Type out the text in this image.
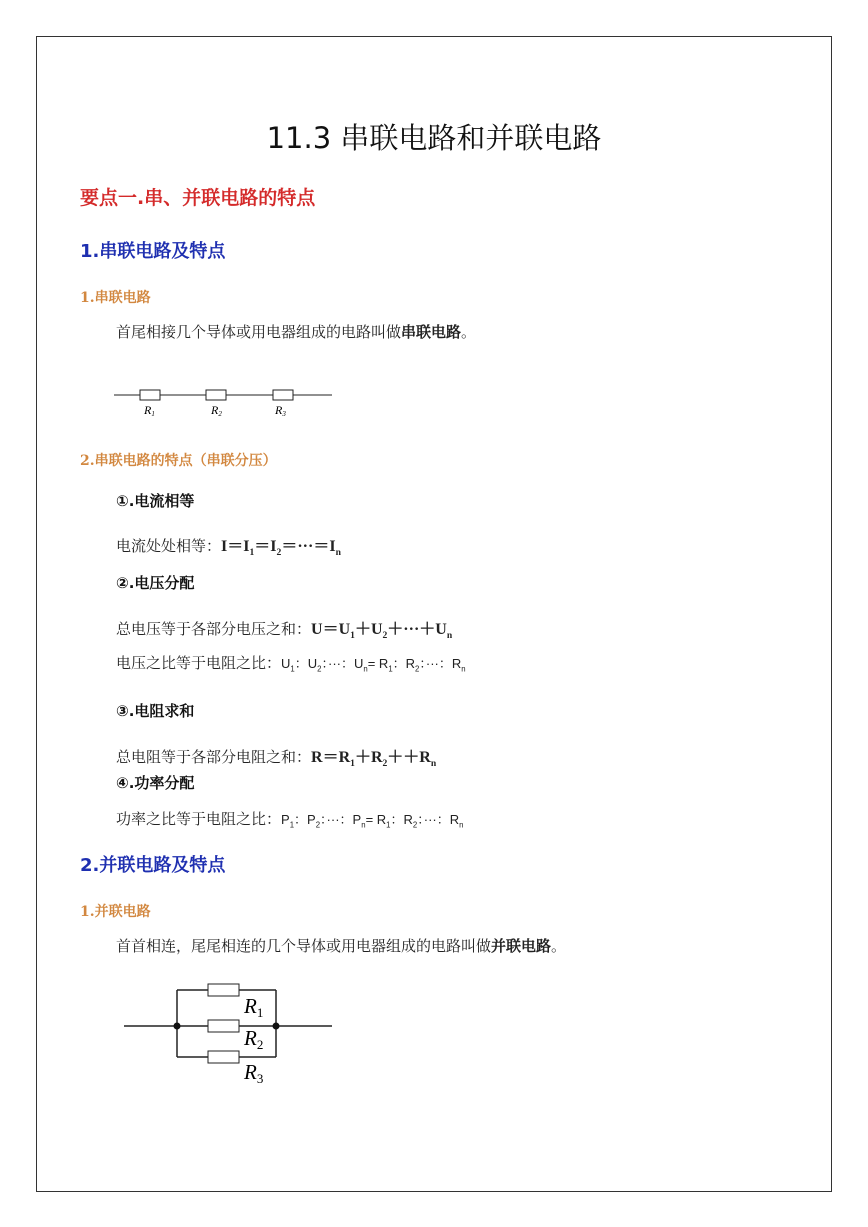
11.3 串联电路和并联电路
要点一.串、并联电路的特点
1.串联电路及特点
1.串联电路
首尾相接几个导体或用电器组成的电路叫做串联电路。
R1	R2	R3
2.串联电路的特点（串联分压）
①.电流相等
电流处处相等：$I=I_1=I_2=\cdot\cdot\cdot=I_n$
②.电压分配
总电压等于各部分电压之和：$U=U_1+U_2+\cdot\cdot\cdot+U_n$
电压之比等于电阻之比：$U_1$：$U_2$：···：$U_n= R_1$：$R_2$：···：$R_n$
③.电阻求和
总电阻等于各部分电阻之和：$R=R_1+R_2++R_n$
④.功率分配
功率之比等于电阻之比：$P_1$：$P_2$：···：$P_n= R_1$：$R_2$：···：$R_n$
2.并联电路及特点
1.并联电路
首首相连，尾尾相连的几个导体或用电器组成的电路叫做并联电路。
R1
R2
R3
